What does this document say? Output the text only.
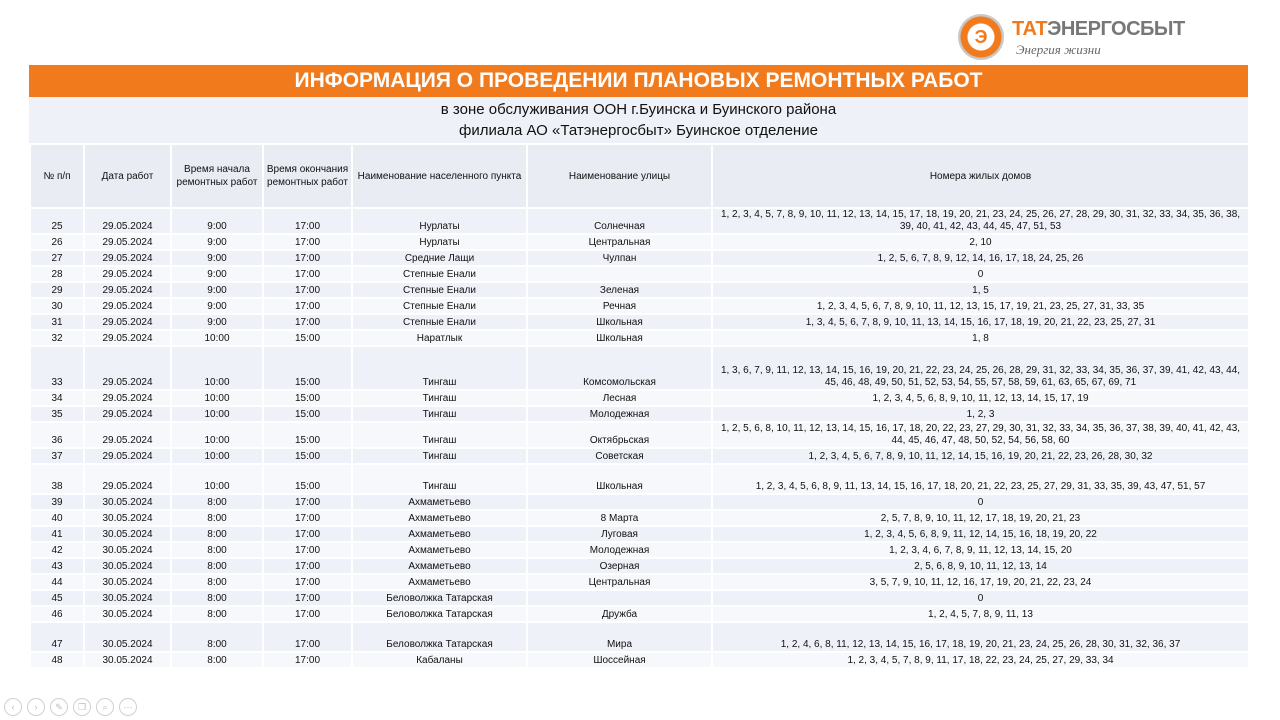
Э	ТАТЭНЕРГОСБЫТ
Энергия жизни
ИНФОРМАЦИЯ О ПРОВЕДЕНИИ ПЛАНОВЫХ РЕМОНТНЫХ РАБОТ
в зоне обслуживания ООН г.Буинска и Буинского района
филиала АО «Татэнергосбыт» Буинское отделение
№ п/п	Дата работ	Время начала ремонтных работ	Время окончания ремонтных работ	Наименование населенного пункта	Наименование улицы	Номера жилых домов
25	29.05.2024	9:00	17:00	Нурлаты	Солнечная	1, 2, 3, 4, 5, 7, 8, 9, 10, 11, 12, 13, 14, 15, 17, 18, 19, 20, 21, 23, 24, 25, 26, 27, 28, 29, 30, 31, 32, 33, 34, 35, 36, 38, 39, 40, 41, 42, 43, 44, 45, 47, 51, 53
26	29.05.2024	9:00	17:00	Нурлаты	Центральная	2, 10
27	29.05.2024	9:00	17:00	Средние Лащи	Чулпан	1, 2, 5, 6, 7, 8, 9, 12, 14, 16, 17, 18, 24, 25, 26
28	29.05.2024	9:00	17:00	Степные Енали		0
29	29.05.2024	9:00	17:00	Степные Енали	Зеленая	1, 5
30	29.05.2024	9:00	17:00	Степные Енали	Речная	1, 2, 3, 4, 5, 6, 7, 8, 9, 10, 11, 12, 13, 15, 17, 19, 21, 23, 25, 27, 31, 33, 35
31	29.05.2024	9:00	17:00	Степные Енали	Школьная	1, 3, 4, 5, 6, 7, 8, 9, 10, 11, 13, 14, 15, 16, 17, 18, 19, 20, 21, 22, 23, 25, 27, 31
32	29.05.2024	10:00	15:00	Наратлык	Школьная	1, 8
33	29.05.2024	10:00	15:00	Тингаш	Комсомольская	1, 3, 6, 7, 9, 11, 12, 13, 14, 15, 16, 19, 20, 21, 22, 23, 24, 25, 26, 28, 29, 31, 32, 33, 34, 35, 36, 37, 39, 41, 42, 43, 44, 45, 46, 48, 49, 50, 51, 52, 53, 54, 55, 57, 58, 59, 61, 63, 65, 67, 69, 71
34	29.05.2024	10:00	15:00	Тингаш	Лесная	1, 2, 3, 4, 5, 6, 8, 9, 10, 11, 12, 13, 14, 15, 17, 19
35	29.05.2024	10:00	15:00	Тингаш	Молодежная	1, 2, 3
36	29.05.2024	10:00	15:00	Тингаш	Октябрьская	1, 2, 5, 6, 8, 10, 11, 12, 13, 14, 15, 16, 17, 18, 20, 22, 23, 27, 29, 30, 31, 32, 33, 34, 35, 36, 37, 38, 39, 40, 41, 42, 43, 44, 45, 46, 47, 48, 50, 52, 54, 56, 58, 60
37	29.05.2024	10:00	15:00	Тингаш	Советская	1, 2, 3, 4, 5, 6, 7, 8, 9, 10, 11, 12, 14, 15, 16, 19, 20, 21, 22, 23, 26, 28, 30, 32
38	29.05.2024	10:00	15:00	Тингаш	Школьная	1, 2, 3, 4, 5, 6, 8, 9, 11, 13, 14, 15, 16, 17, 18, 20, 21, 22, 23, 25, 27, 29, 31, 33, 35, 39, 43, 47, 51, 57
39	30.05.2024	8:00	17:00	Ахмаметьево		0
40	30.05.2024	8:00	17:00	Ахмаметьево	8 Марта	2, 5, 7, 8, 9, 10, 11, 12, 17, 18, 19, 20, 21, 23
41	30.05.2024	8:00	17:00	Ахмаметьево	Луговая	1, 2, 3, 4, 5, 6, 8, 9, 11, 12, 14, 15, 16, 18, 19, 20, 22
42	30.05.2024	8:00	17:00	Ахмаметьево	Молодежная	1, 2, 3, 4, 6, 7, 8, 9, 11, 12, 13, 14, 15, 20
43	30.05.2024	8:00	17:00	Ахмаметьево	Озерная	2, 5, 6, 8, 9, 10, 11, 12, 13, 14
44	30.05.2024	8:00	17:00	Ахмаметьево	Центральная	3, 5, 7, 9, 10, 11, 12, 16, 17, 19, 20, 21, 22, 23, 24
45	30.05.2024	8:00	17:00	Беловолжка Татарская		0
46	30.05.2024	8:00	17:00	Беловолжка Татарская	Дружба	1, 2, 4, 5, 7, 8, 9, 11, 13
47	30.05.2024	8:00	17:00	Беловолжка Татарская	Мира	1, 2, 4, 6, 8, 11, 12, 13, 14, 15, 16, 17, 18, 19, 20, 21, 23, 24, 25, 26, 28, 30, 31, 32, 36, 37
48	30.05.2024	8:00	17:00	Кабаланы	Шоссейная	1, 2, 3, 4, 5, 7, 8, 9, 11, 17, 18, 22, 23, 24, 25, 27, 29, 33, 34
‹ › ✎ ❐ ⌕ ⋯
